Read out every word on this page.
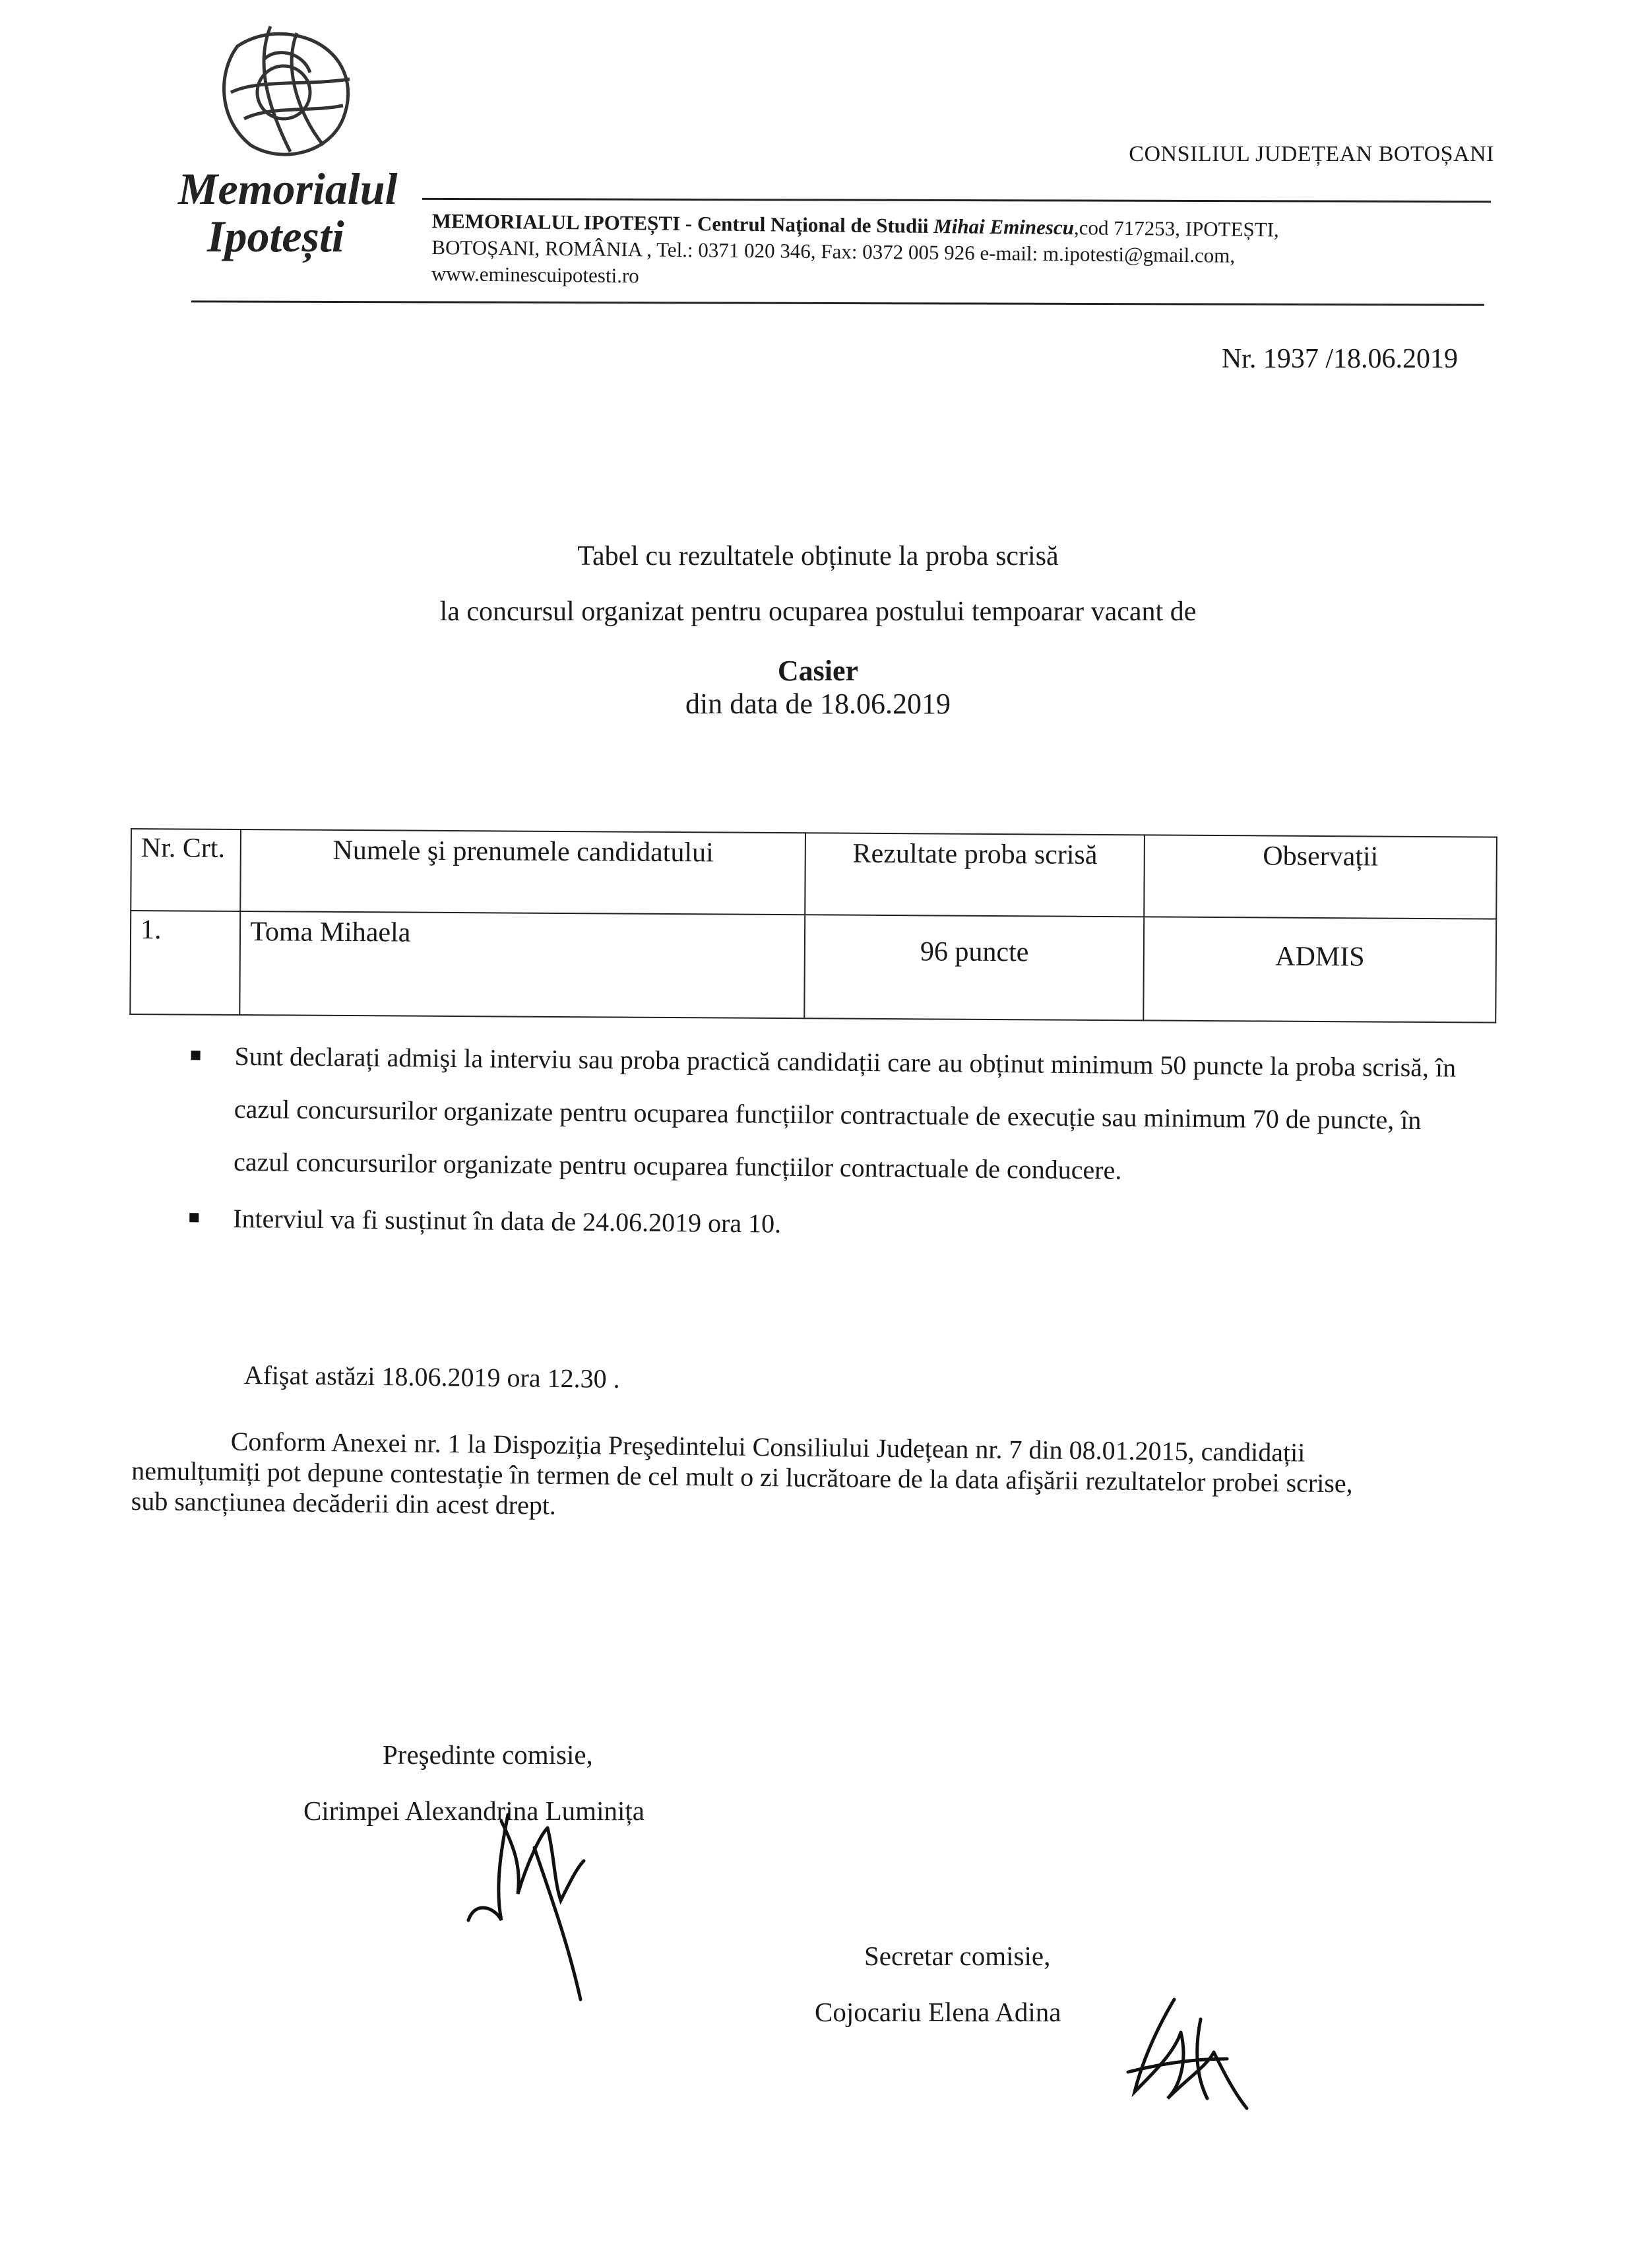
Memorialul
Ipotești
CONSILIUL JUDEȚEAN BOTOȘANI
MEMORIALUL IPOTEȘTI - Centrul Național de Studii Mihai Eminescu,cod 717253, IPOTEȘTI,
BOTOȘANI, ROMÂNIA , Tel.: 0371 020 346, Fax: 0372 005 926 e-mail: m.ipotesti@gmail.com,
www.eminescuipotesti.ro
Nr. 1937 /18.06.2019
Tabel cu rezultatele obținute la proba scrisă
la concursul organizat pentru ocuparea postului tempoarar vacant de
Casier
din data de 18.06.2019
Nr. Crt.	Numele şi prenumele candidatului	Rezultate proba scrisă	Observații
1.	Toma Mihaela	96 puncte	ADMIS
Sunt declarați admişi la interviu sau proba practică candidații care au obținut minimum 50 puncte la proba scrisă, în cazul concursurilor organizate pentru ocuparea funcțiilor contractuale de execuție sau minimum 70 de puncte, în cazul concursurilor organizate pentru ocuparea funcțiilor contractuale de conducere.
Interviul va fi susținut în data de 24.06.2019 ora 10.
Afişat astăzi 18.06.2019 ora 12.30 .
Conform Anexei nr. 1 la Dispoziția Preşedintelui Consiliului Județean nr. 7 din 08.01.2015, candidații nemulțumiți pot depune contestație în termen de cel mult o zi lucrătoare de la data afişării rezultatelor probei scrise, sub sancțiunea decăderii din acest drept.
Preşedinte comisie,
Cirimpei Alexandrina Luminița
Secretar comisie,
Cojocariu Elena Adina
